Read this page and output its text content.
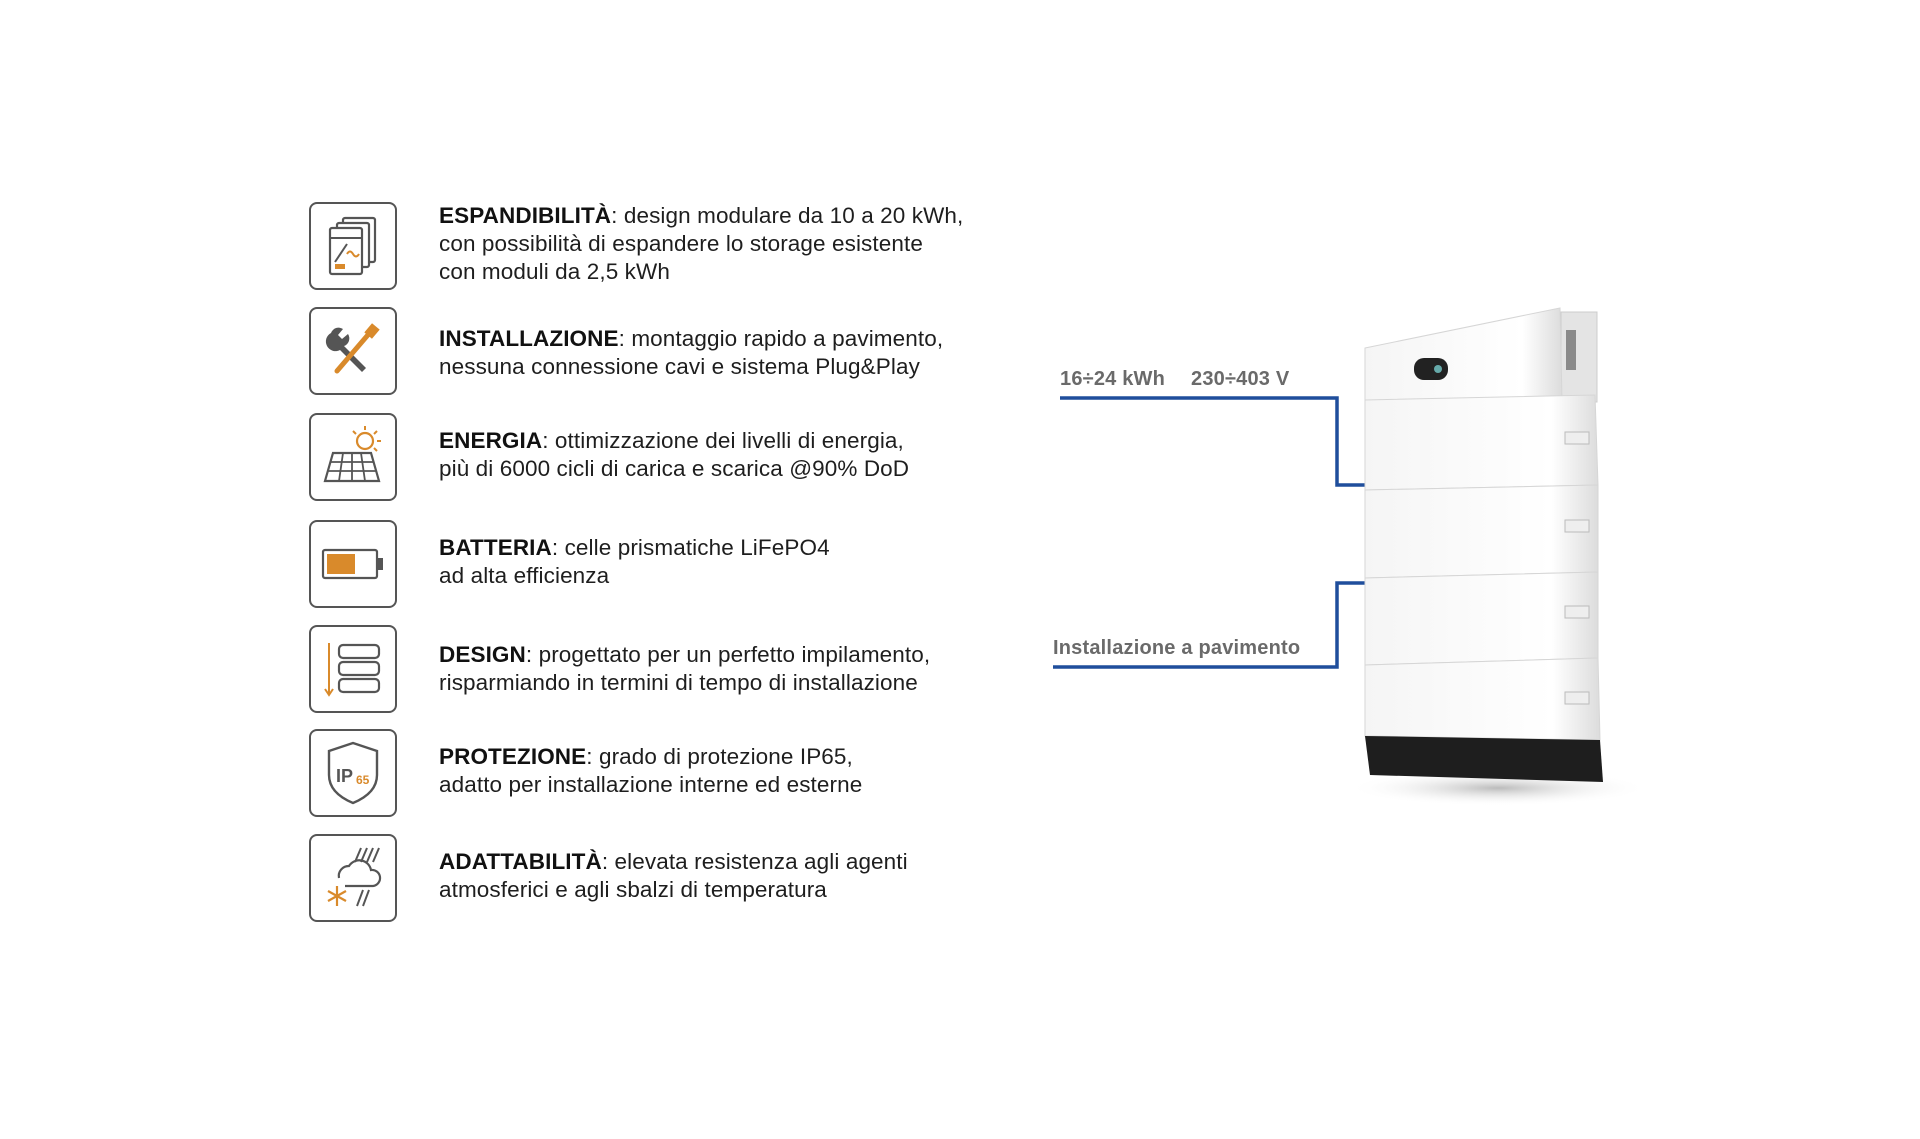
ESPANDIBILITÀ: design modulare da 10 a 20 kWh,
con possibilità di espandere lo storage esistente
con moduli da 2,5 kWh
INSTALLAZIONE: montaggio rapido a pavimento,
nessuna connessione cavi e sistema Plug&Play
ENERGIA: ottimizzazione dei livelli di energia,
più di 6000 cicli di carica e scarica @90% DoD
BATTERIA: celle prismatiche LiFePO4
ad alta efficienza
DESIGN: progettato per un perfetto impilamento,
risparmiando in termini di tempo di installazione
IP 65
PROTEZIONE: grado di protezione IP65,
adatto per installazione interne ed esterne
ADATTABILITÀ: elevata resistenza agli agenti
atmosferici e agli sbalzi di temperatura
16÷24 kWh 230÷403 V
Installazione a pavimento
